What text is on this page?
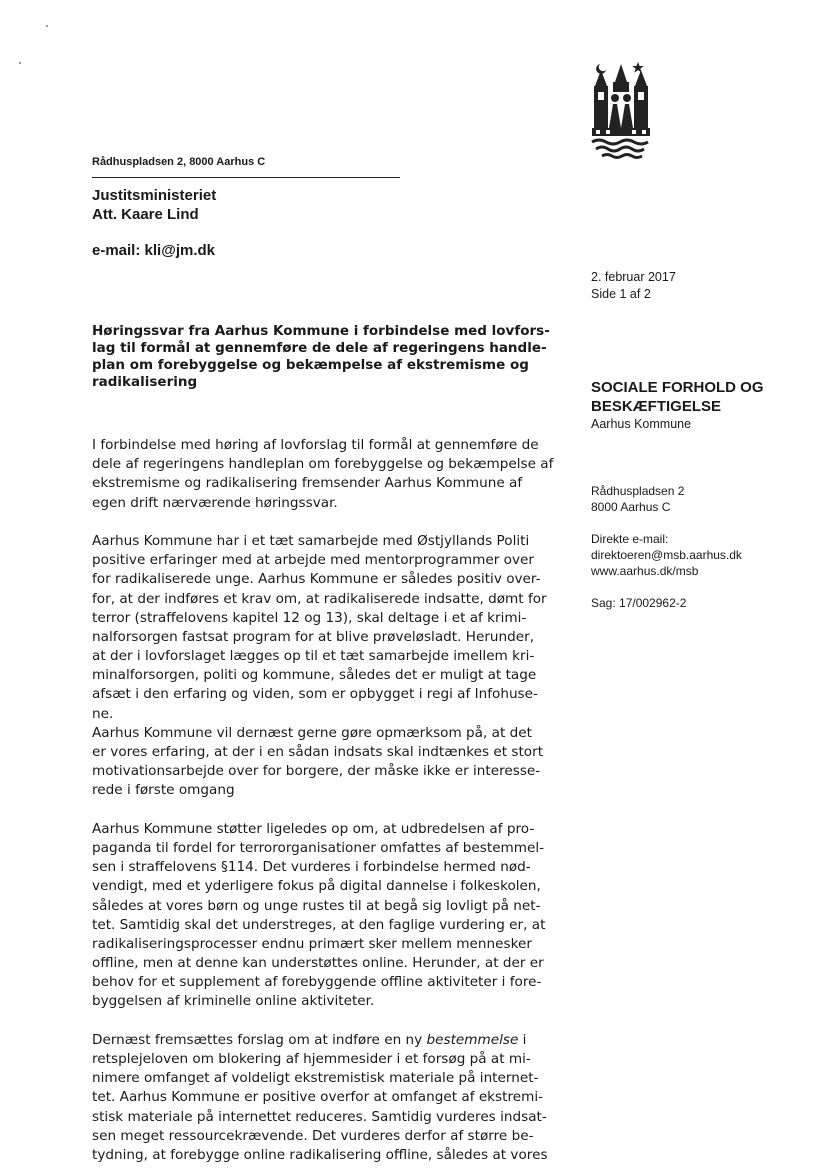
Rådhuspladsen 2, 8000 Aarhus C
Justitsministeriet
Att. Kaare Lind
e-mail: kli@jm.dk
2. februar 2017
Side 1 af 2
Høringssvar fra Aarhus Kommune i forbindelse med lovfors-
lag til formål at gennemføre de dele af regeringens handle-
plan om forebyggelse og bekæmpelse af ekstremisme og
radikalisering	SOCIALE FORHOLD OG
BESKÆFTIGELSE
Aarhus Kommune
Rådhuspladsen 2
8000 Aarhus C
Direkte e-mail:
direktoeren@msb.aarhus.dk
www.aarhus.dk/msb
Sag: 17/002962-2
I forbindelse med høring af lovforslag til formål at gennemføre de
dele af regeringens handleplan om forebyggelse og bekæmpelse af
ekstremisme og radikalisering fremsender Aarhus Kommune af
egen drift nærværende høringssvar.
Aarhus Kommune har i et tæt samarbejde med Østjyllands Politi
positive erfaringer med at arbejde med mentorprogrammer over
for radikaliserede unge. Aarhus Kommune er således positiv over-
for, at der indføres et krav om, at radikaliserede indsatte, dømt for
terror (straffelovens kapitel 12 og 13), skal deltage i et af krimi-
nalforsorgen fastsat program for at blive prøveløsladt. Herunder,
at der i lovforslaget lægges op til et tæt samarbejde imellem kri-
minalforsorgen, politi og kommune, således det er muligt at tage
afsæt i den erfaring og viden, som er opbygget i regi af Infohuse-
ne.
Aarhus Kommune vil dernæst gerne gøre opmærksom på, at det
er vores erfaring, at der i en sådan indsats skal indtænkes et stort
motivationsarbejde over for borgere, der måske ikke er interesse-
rede i første omgang
Aarhus Kommune støtter ligeledes op om, at udbredelsen af pro-
paganda til fordel for terrororganisationer omfattes af bestemmel-
sen i straffelovens §114. Det vurderes i forbindelse hermed nød-
vendigt, med et yderligere fokus på digital dannelse i folkeskolen,
således at vores børn og unge rustes til at begå sig lovligt på net-
tet. Samtidig skal det understreges, at den faglige vurdering er, at
radikaliseringsprocesser endnu primært sker mellem mennesker
offline, men at denne kan understøttes online. Herunder, at der er
behov for et supplement af forebyggende offline aktiviteter i fore-
byggelsen af kriminelle online aktiviteter.
Dernæst fremsættes forslag om at indføre en ny bestemmelse i
retsplejeloven om blokering af hjemmesider i et forsøg på at mi-
nimere omfanget af voldeligt ekstremistisk materiale på internet-
tet. Aarhus Kommune er positive overfor at omfanget af ekstremi-
stisk materiale på internettet reduceres. Samtidig vurderes indsat-
sen meget ressourcekrævende. Det vurderes derfor af større be-
tydning, at forebygge online radikalisering offline, således at vores
